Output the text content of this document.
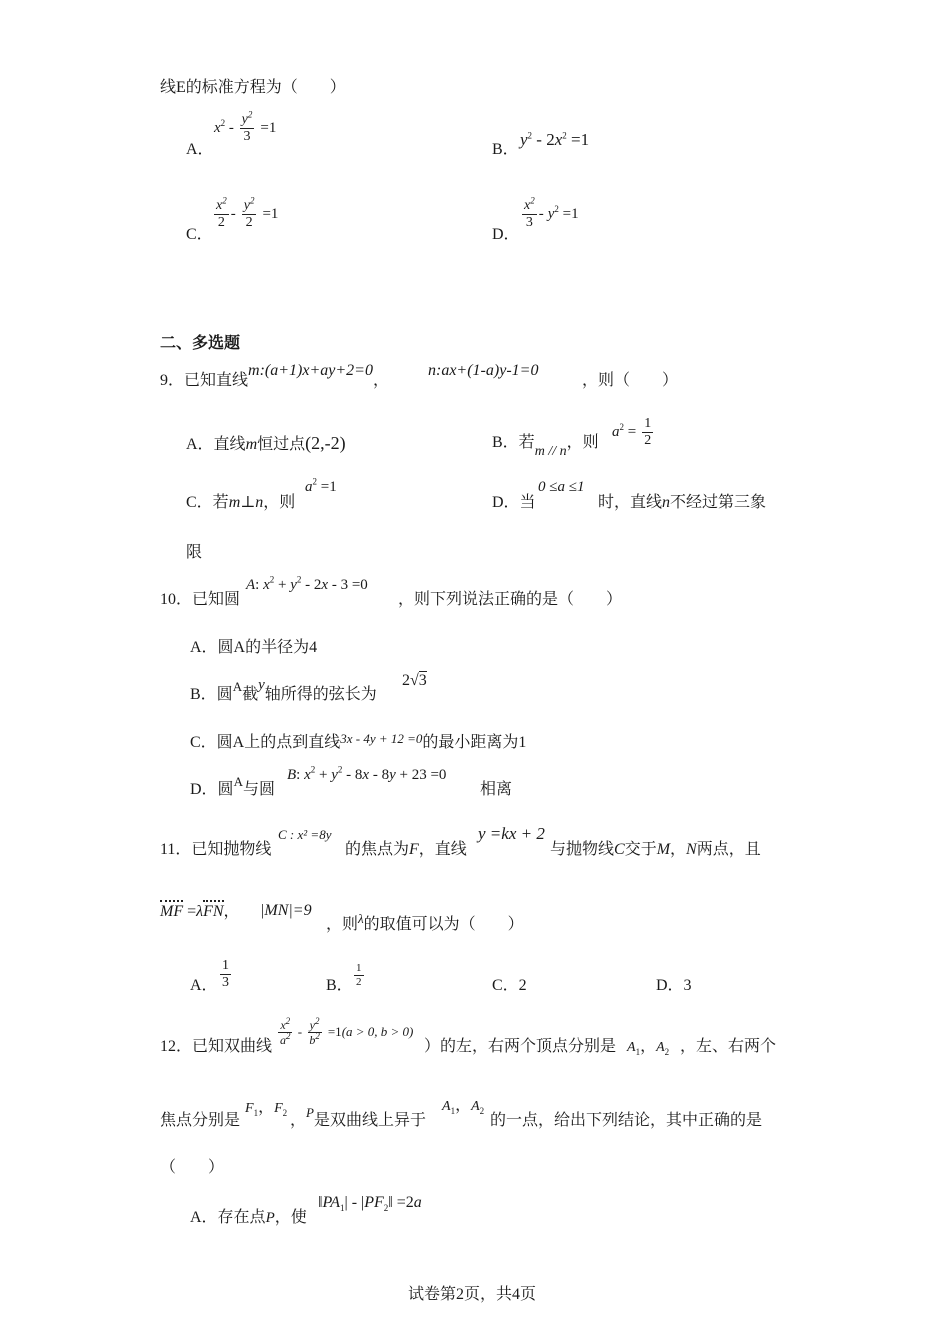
线E的标准方程为（　　）
A．
$x^2 - \frac{y^2}{3} =1$
B．
$y^2 - 2x^2 =1$
C．
$\frac{x^2}{2} - \frac{y^2}{2} =1$
D．
$\frac{x^2}{3} - y^2 =1$
二、多选题
9．已知直线m:(a+1)x+ay+2=0，
n:ax+(1-a)y-1=0
，则（　　）
A．直线m恒过点(2,-2)	B．若m // n，则
$a^2 = \frac{1}{2}$
C．若m⊥n，则
$a^2 =1$
D．当
0 ≤a ≤1
时，直线n不经过第三象
限
10．已知圆
A: $x^2 + y^2 - 2x - 3 =0$
，则下列说法正确的是（　　）
A．圆A的半径为4
B．圆$^A$截y轴所得的弦长为
2√3
C．圆A上的点到直线$^{3x - 4y + 12 =0}$的最小距离为1
D．圆$^A$与圆
B: $x^2 + y^2 - 8x - 8y + 23 =0$
相离
11．已知抛物线
C : x² =8y
的焦点为F，直线
y =kx + 2
与抛物线C交于M，N两点，且
MF =λFN， |MN|=9
，则$^\lambda$的取值可以为（　　）
A． $\frac{1}{3}$	B． $\frac{1}{2}$	C．2	D．3
12．已知双曲线 $\frac{x^2}{a^2} - \frac{y^2}{b^2} =1(a > 0$, b > 0)
）的左，右两个顶点分别是 $A_1$，$A_2$ ，左、右两个
焦点分别是
$F_1$，$F_2$ ，$^P$是双曲线上异于
$A_1$，$A_2$
的一点，给出下列结论，其中正确的是
（　　）
A．存在点P，使
$‖PA_1|$ - $|PF_2‖ =2a$
试卷第2页，共4页
